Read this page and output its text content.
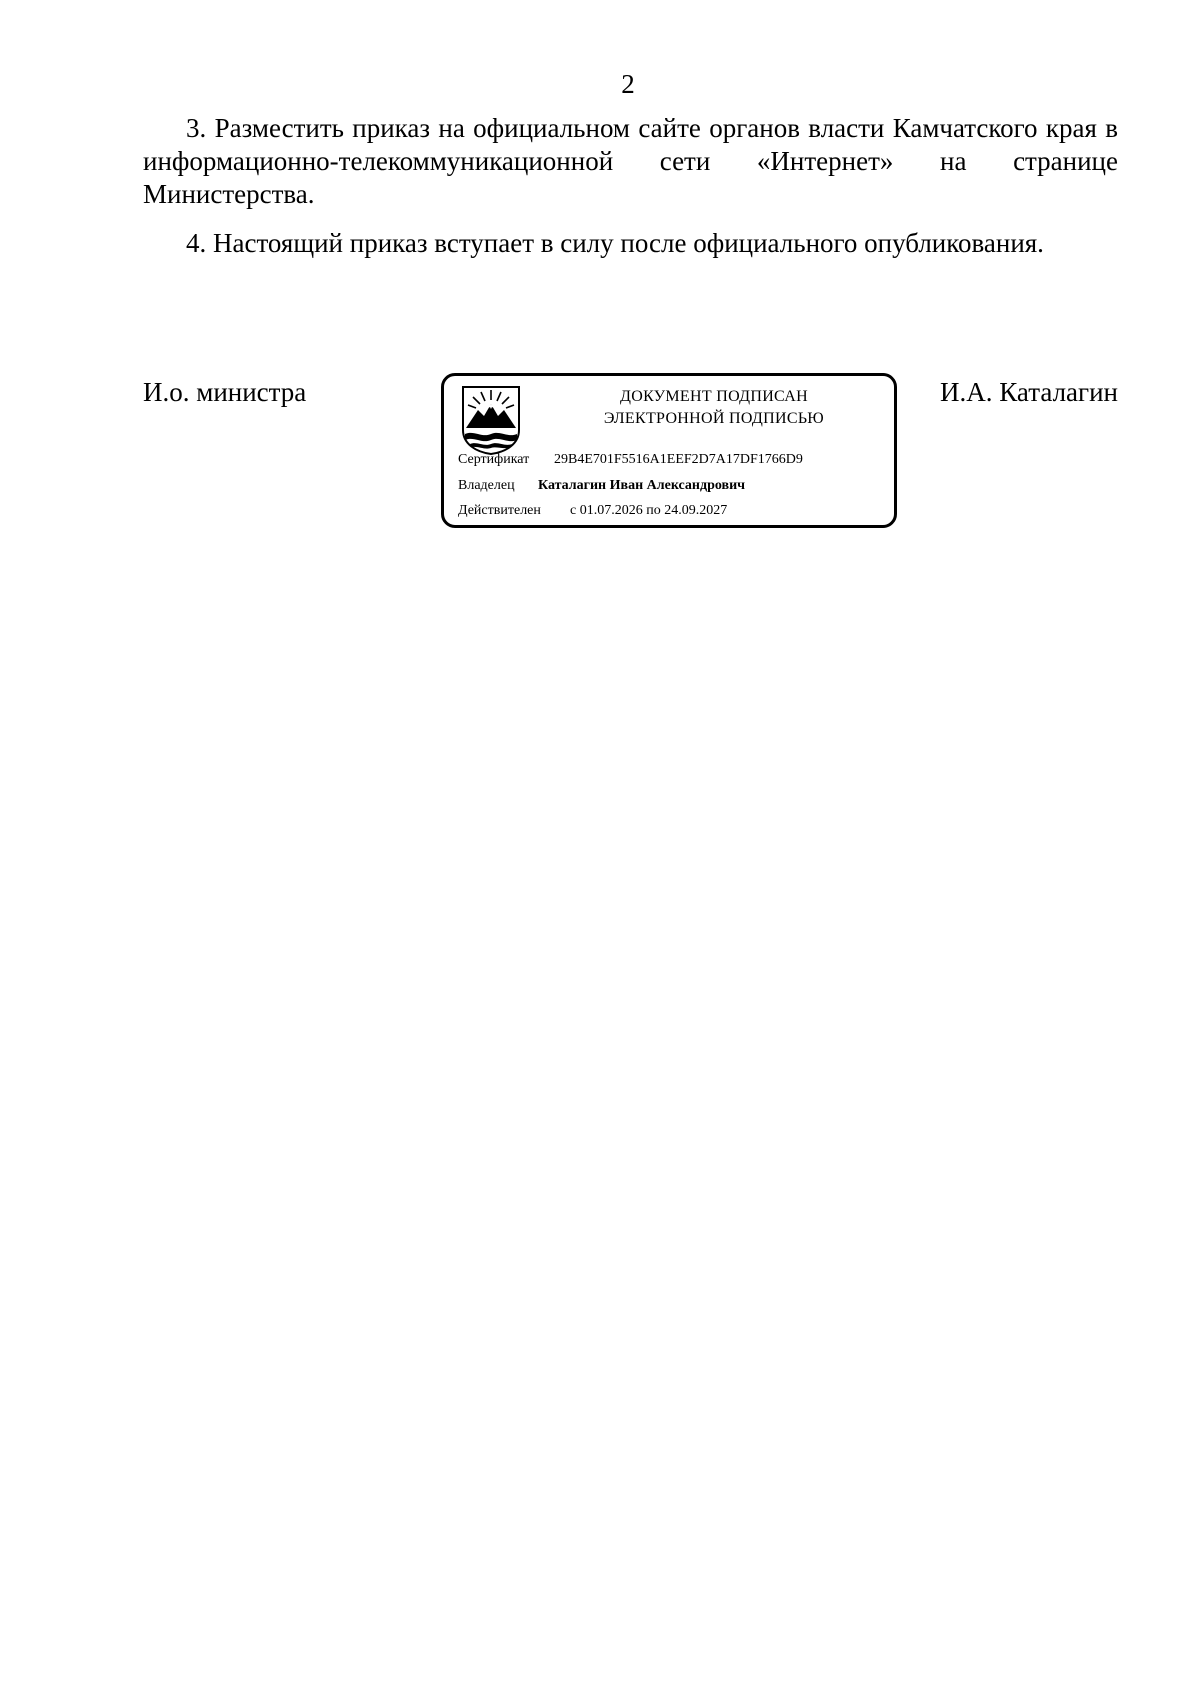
2

3. Разместить приказ на официальном сайте органов власти Камчатского края в информационно-телекоммуникационной сети «Интернет» на странице Министерства.

4. Настоящий приказ вступает в силу после официального опубликования.

И.о. министра	ДОКУМЕНТ ПОДПИСАН
ЭЛЕКТРОННОЙ ПОДПИСЬЮ
Сертификат 29B4E701F5516A1EEF2D7A17DF1766D9
Владелец Каталагин Иван Александрович
Действителен с 01.07.2026 по 24.09.2027
И.А. Каталагин
